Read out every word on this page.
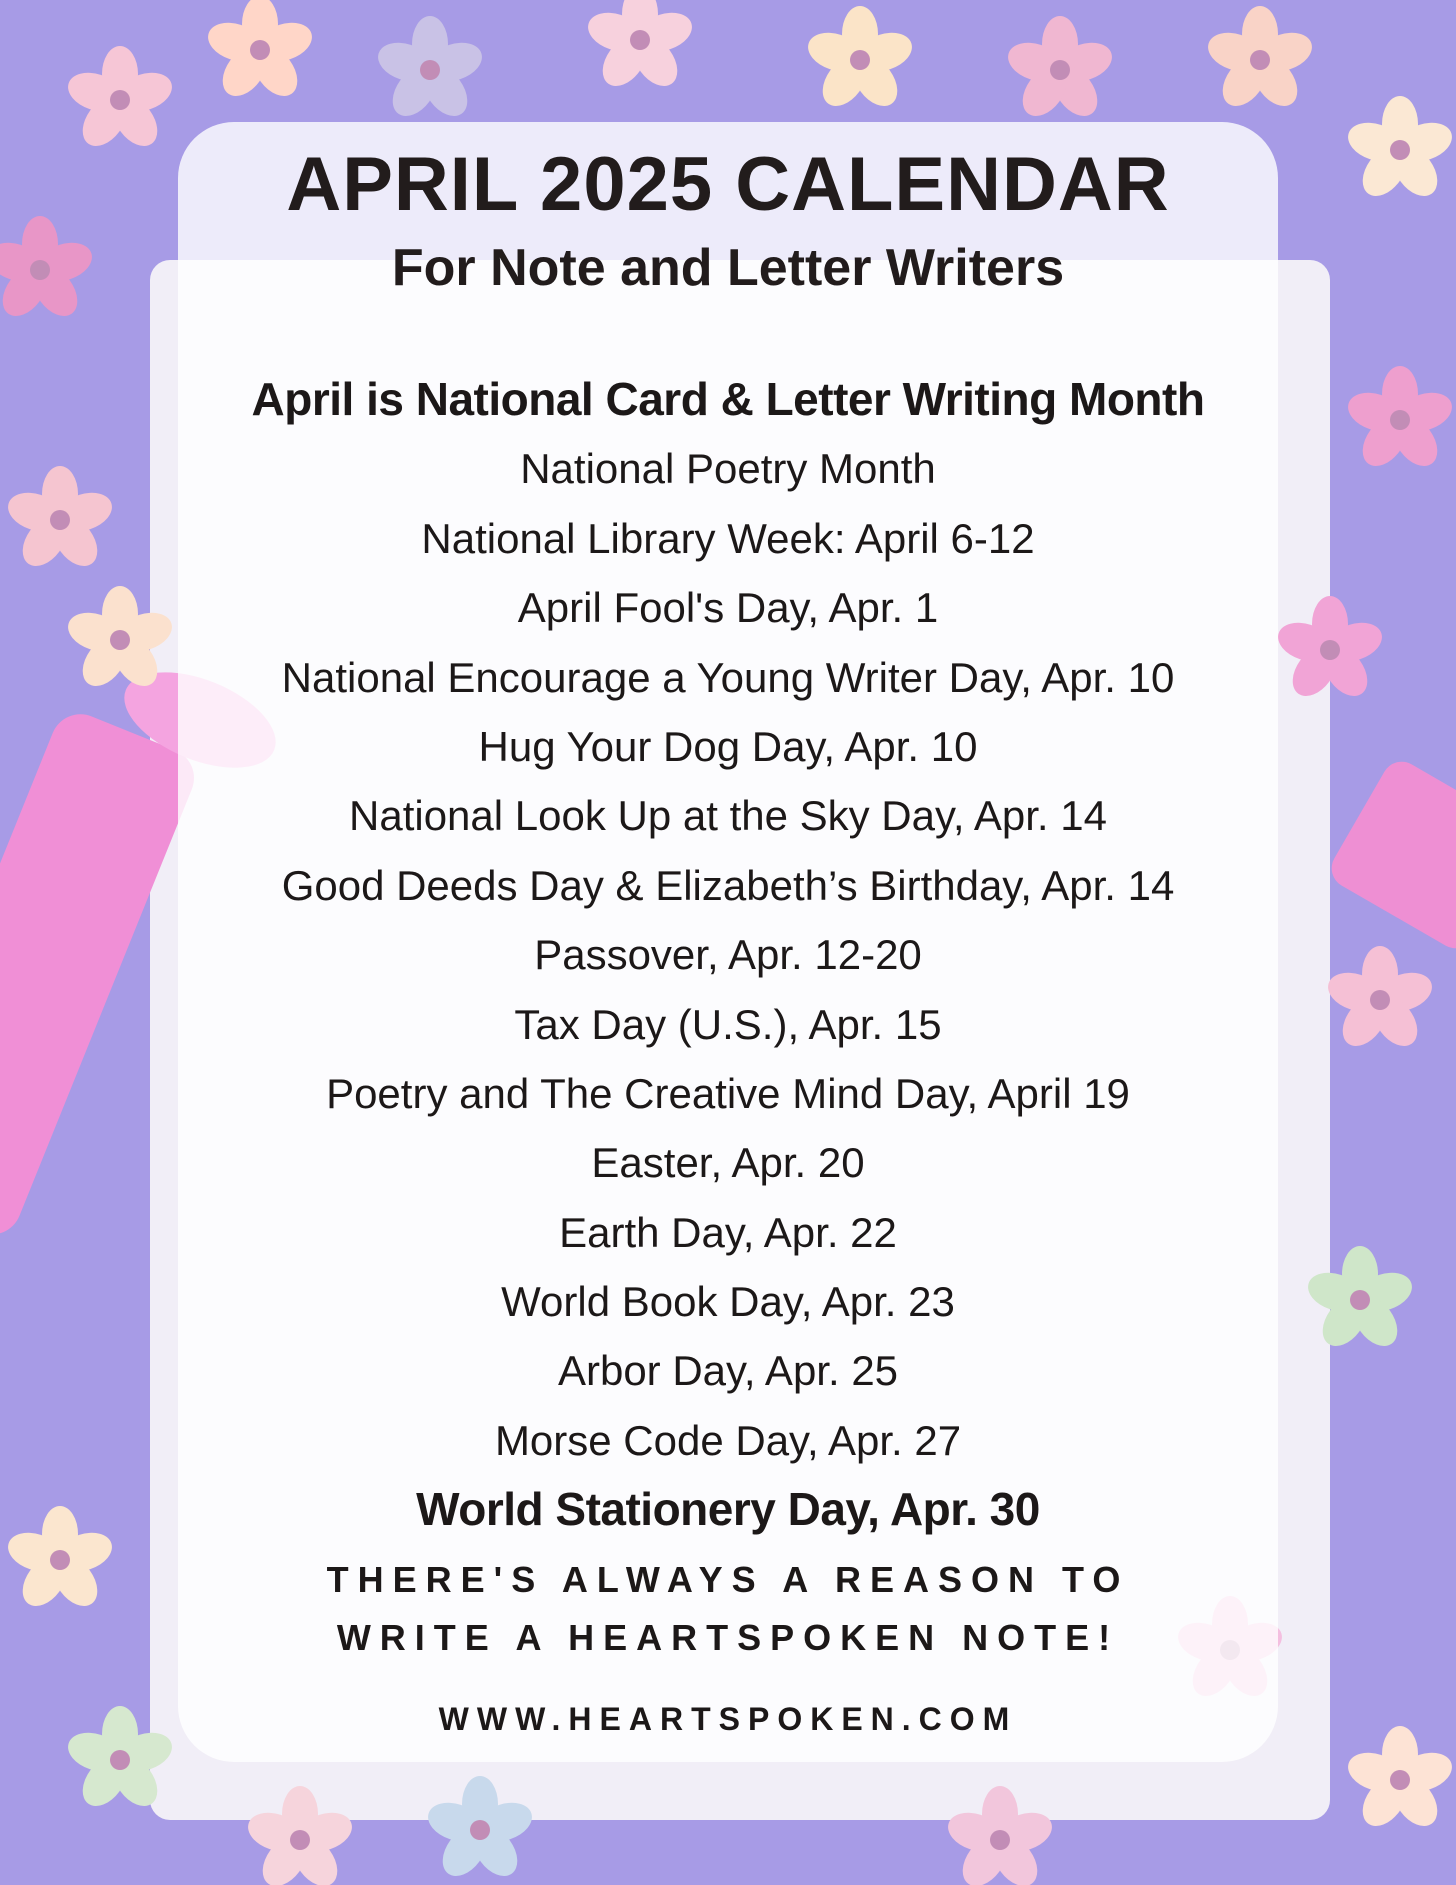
APRIL 2025 CALENDAR
For Note and Letter Writers
April is National Card & Letter Writing Month
National Poetry Month
National Library Week: April 6-12
April Fool's Day, Apr. 1
National Encourage a Young Writer Day, Apr. 10
Hug Your Dog Day, Apr. 10
National Look Up at the Sky Day, Apr. 14
Good Deeds Day & Elizabeth’s Birthday, Apr. 14
Passover, Apr. 12-20
Tax Day (U.S.), Apr. 15
Poetry and The Creative Mind Day, April 19
Easter, Apr. 20
Earth Day, Apr. 22
World Book Day, Apr. 23
Arbor Day, Apr. 25
Morse Code Day, Apr. 27
World Stationery Day, Apr. 30
THERE'S ALWAYS A REASON TO
WRITE A HEARTSPOKEN NOTE!
WWW.HEARTSPOKEN.COM
